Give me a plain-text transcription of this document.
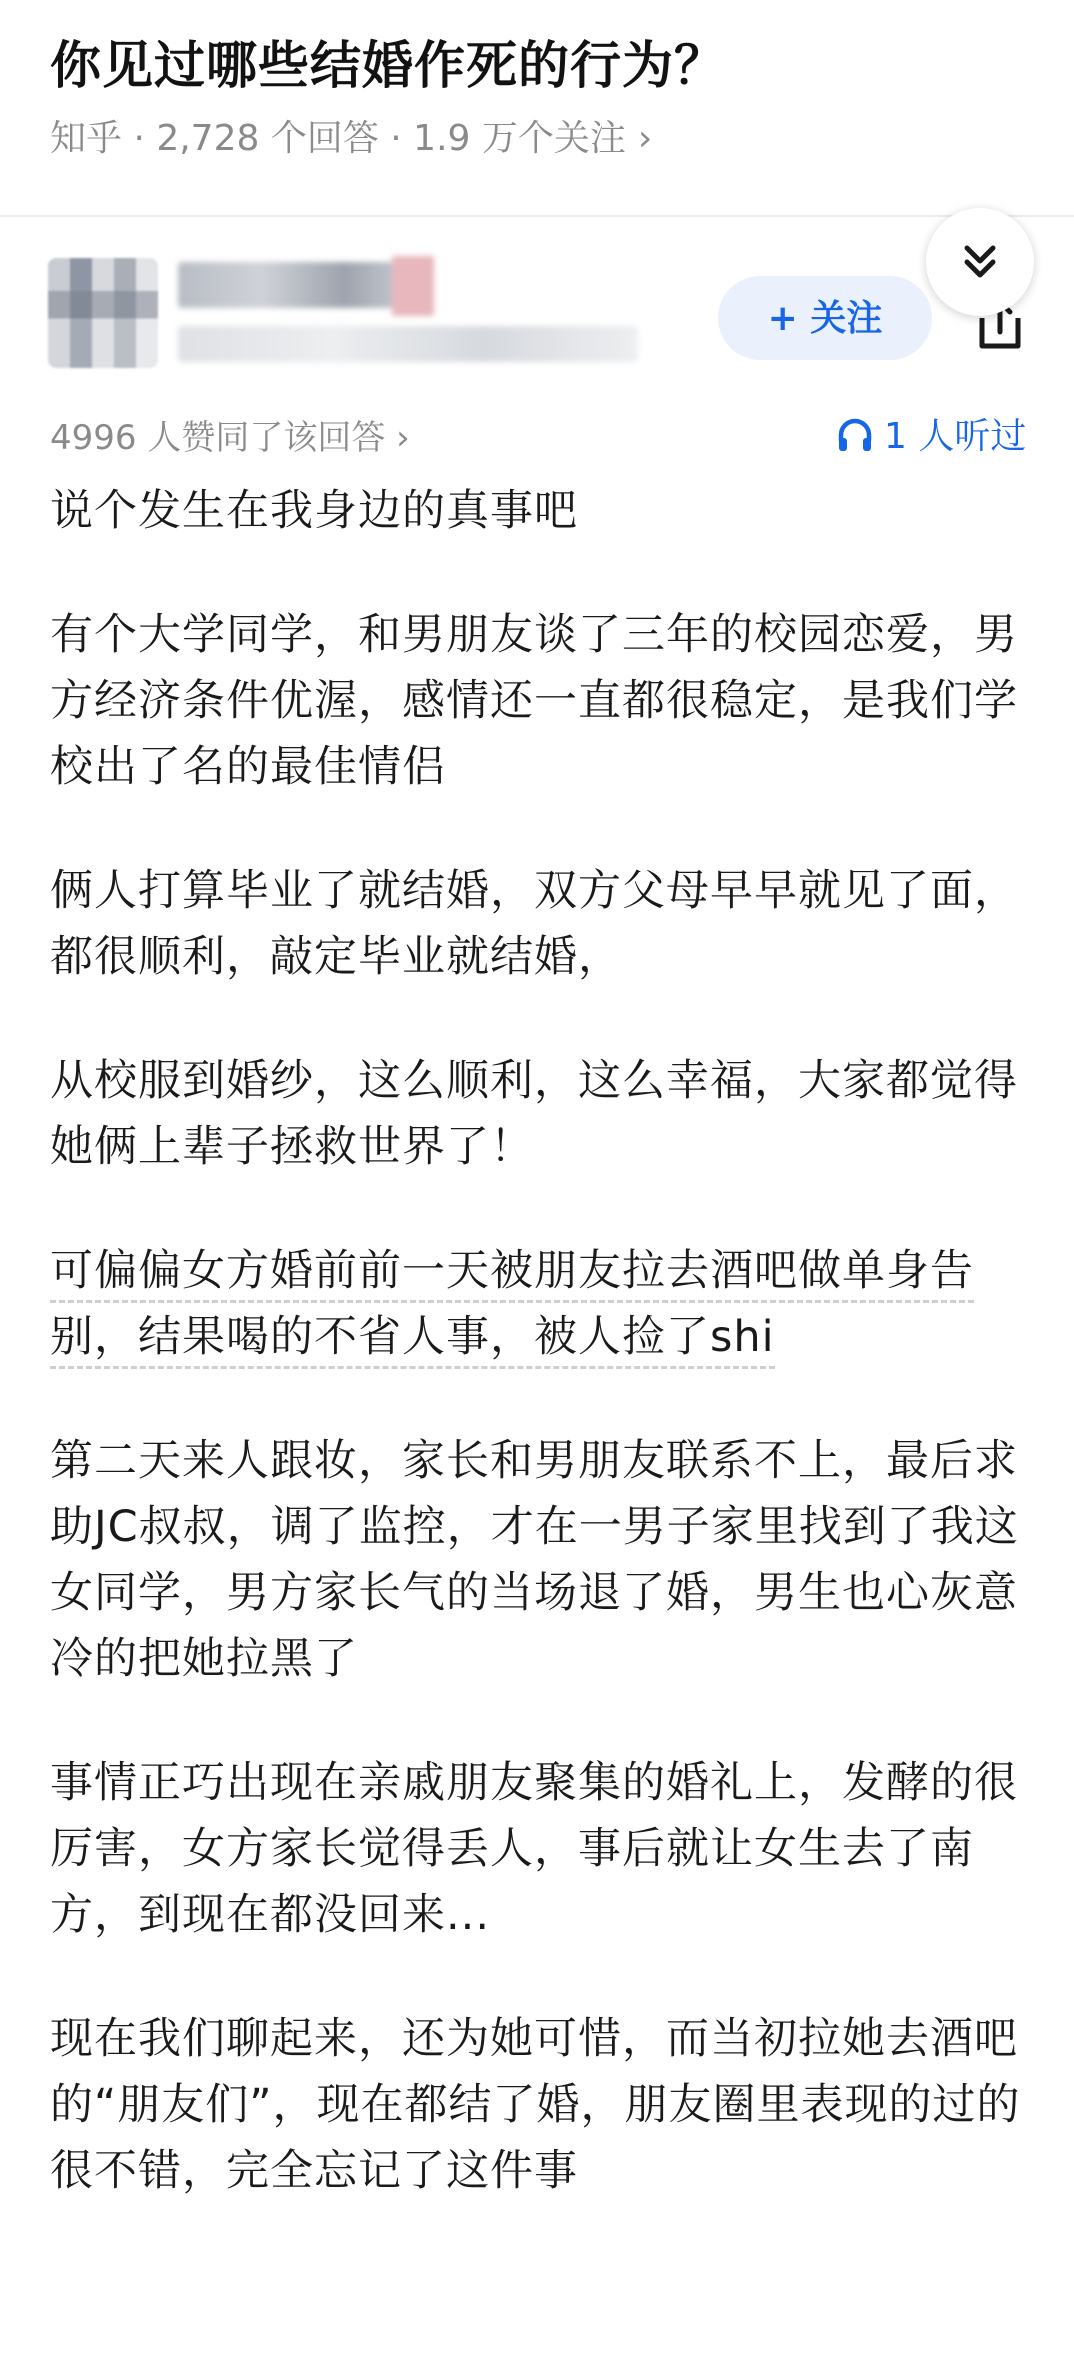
你见过哪些结婚作死的行为？
知乎 · 2,728 个回答 · 1.9 万个关注 ›
+ 关注
4996 人赞同了该回答 ›	1 人听过

说个发生在我身边的真事吧

有个大学同学，和男朋友谈了三年的校园恋爱，男方经济条件优渥，感情还一直都很稳定，是我们学校出了名的最佳情侣

俩人打算毕业了就结婚，双方父母早早就见了面，都很顺利，敲定毕业就结婚，

从校服到婚纱，这么顺利，这么幸福，大家都觉得她俩上辈子拯救世界了！

可偏偏女方婚前前一天被朋友拉去酒吧做单身告别，结果喝的不省人事，被人捡了shi

第二天来人跟妆，家长和男朋友联系不上，最后求助JC叔叔，调了监控，才在一男子家里找到了我这女同学，男方家长气的当场退了婚，男生也心灰意冷的把她拉黑了

事情正巧出现在亲戚朋友聚集的婚礼上，发酵的很厉害，女方家长觉得丢人，事后就让女生去了南方，到现在都没回来...

现在我们聊起来，还为她可惜，而当初拉她去酒吧的“朋友们”，现在都结了婚，朋友圈里表现的过的很不错，完全忘记了这件事
